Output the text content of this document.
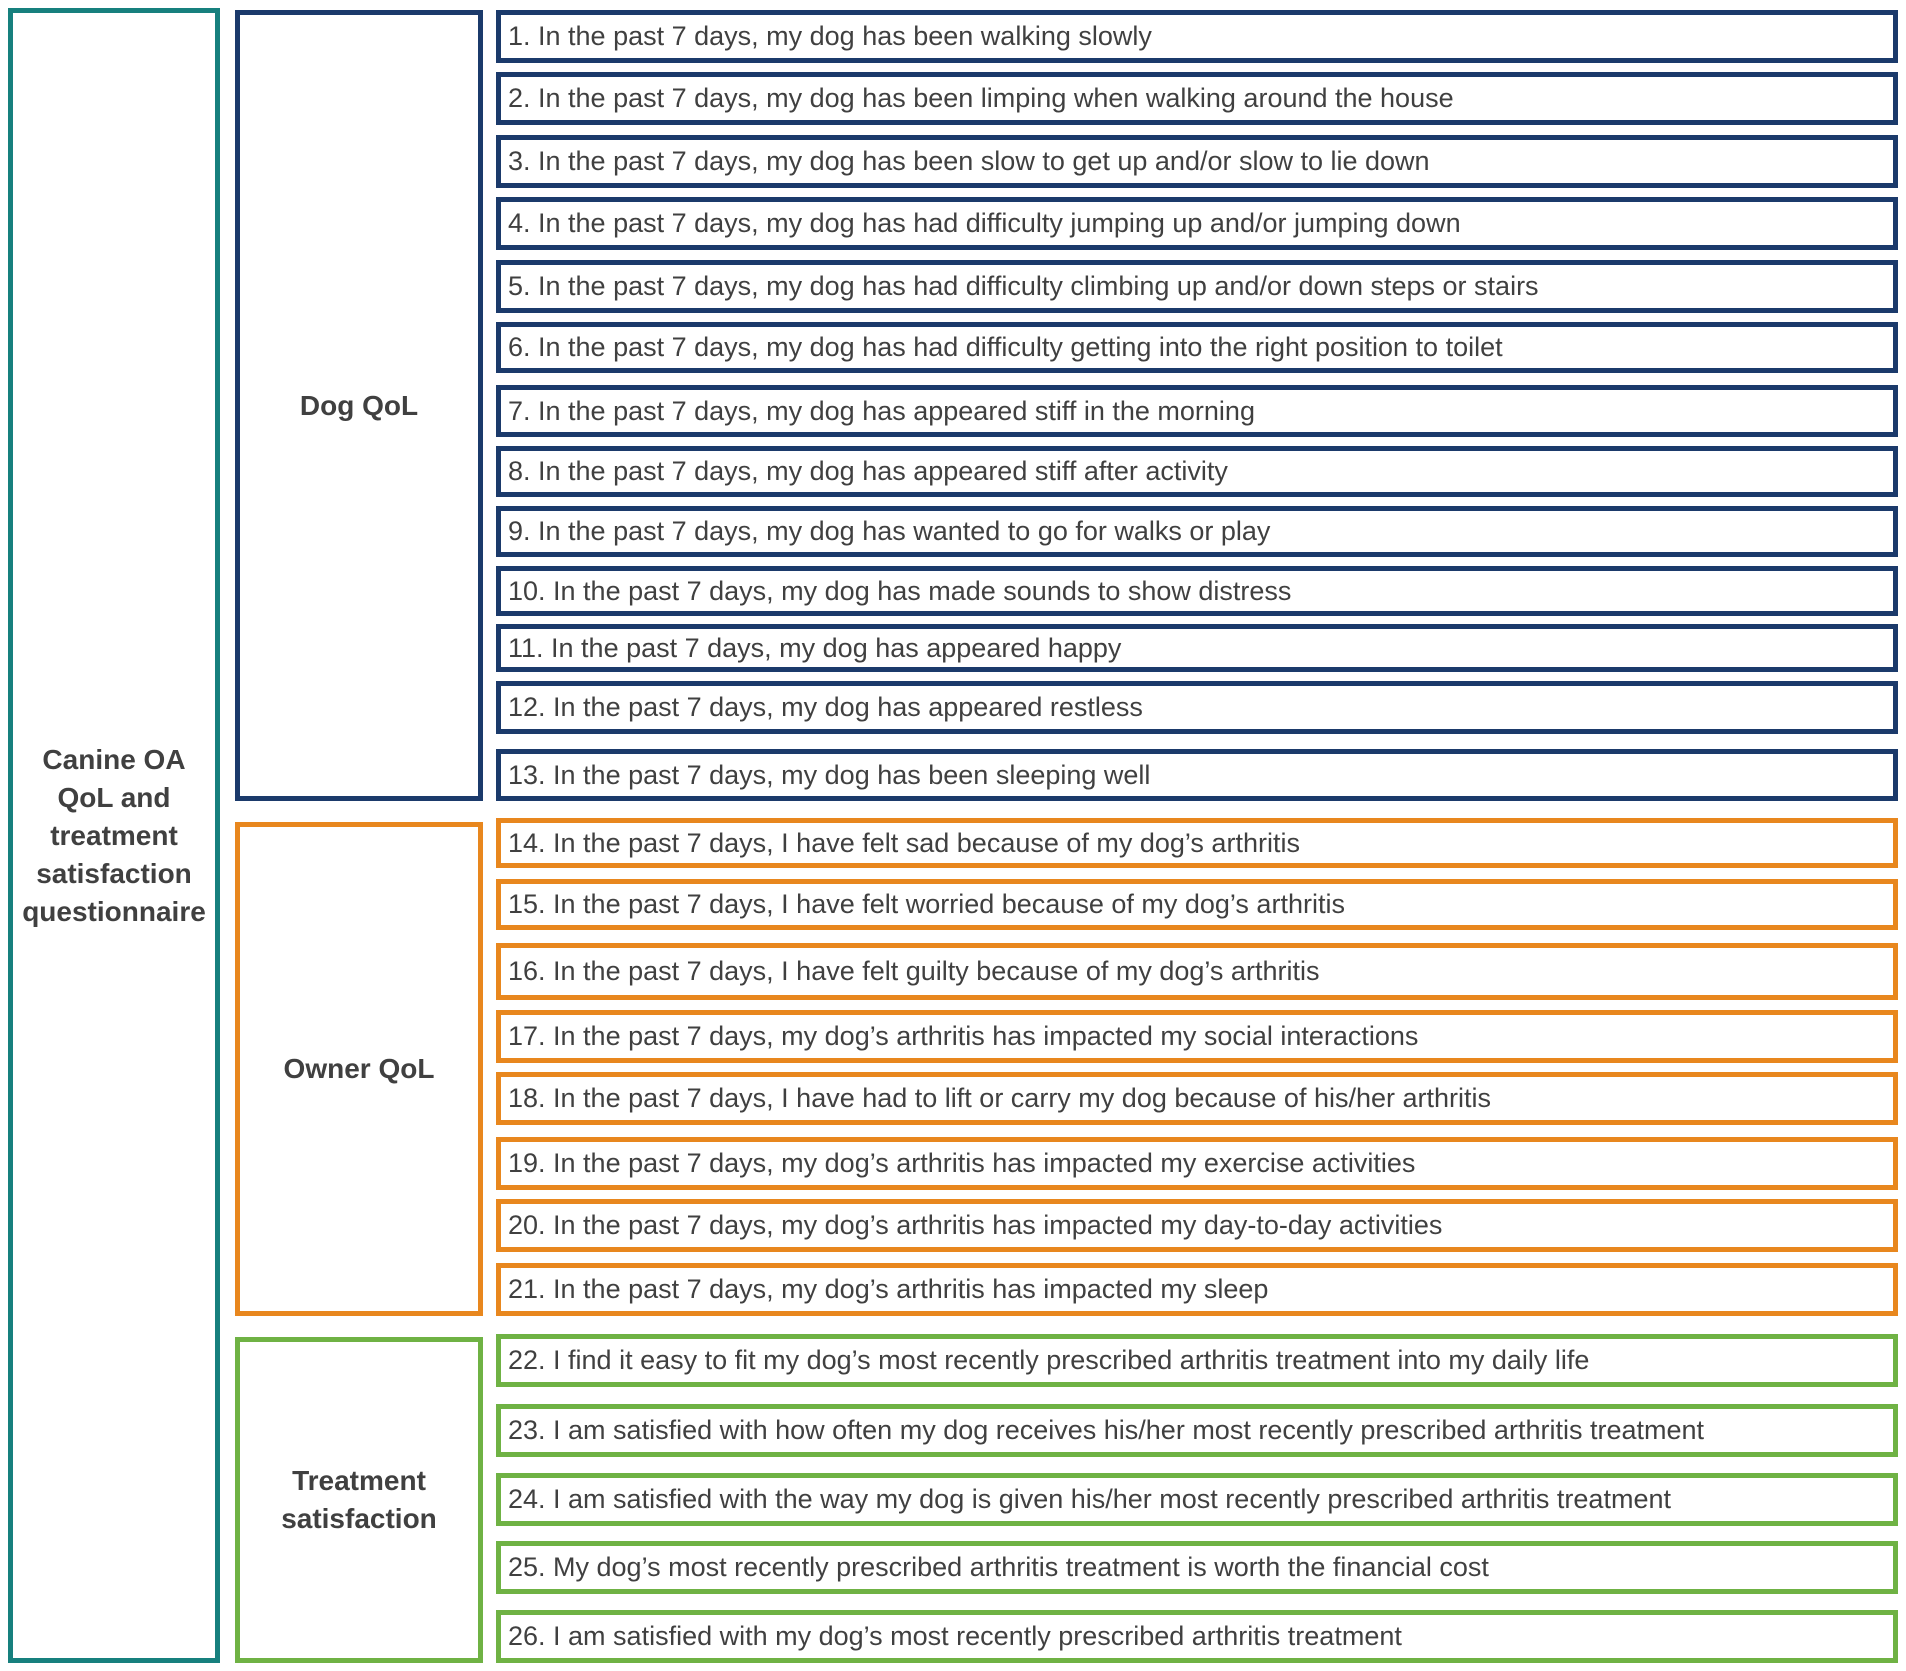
Canine OA QoL and treatment satisfaction questionnaire
Dog QoL
Owner QoL
Treatment satisfaction
1. In the past 7 days, my dog has been walking slowly
2. In the past 7 days, my dog has been limping when walking around the house
3. In the past 7 days, my dog has been slow to get up and/or slow to lie down
4. In the past 7 days, my dog has had difficulty jumping up and/or jumping down
5. In the past 7 days, my dog has had difficulty climbing up and/or down steps or stairs
6. In the past 7 days, my dog has had difficulty getting into the right position to toilet
7. In the past 7 days, my dog has appeared stiff in the morning
8. In the past 7 days, my dog has appeared stiff after activity
9. In the past 7 days, my dog has wanted to go for walks or play
10. In the past 7 days, my dog has made sounds to show distress
11. In the past 7 days, my dog has appeared happy
12. In the past 7 days, my dog has appeared restless
13. In the past 7 days, my dog has been sleeping well
14. In the past 7 days, I have felt sad because of my dog’s arthritis
15. In the past 7 days, I have felt worried because of my dog’s arthritis
16. In the past 7 days, I have felt guilty because of my dog’s arthritis
17. In the past 7 days, my dog’s arthritis has impacted my social interactions
18. In the past 7 days, I have had to lift or carry my dog because of his/her arthritis
19. In the past 7 days, my dog’s arthritis has impacted my exercise activities
20. In the past 7 days, my dog’s arthritis has impacted my day-to-day activities
21. In the past 7 days, my dog’s arthritis has impacted my sleep
22. I find it easy to fit my dog’s most recently prescribed arthritis treatment into my daily life
23. I am satisfied with how often my dog receives his/her most recently prescribed arthritis treatment
24. I am satisfied with the way my dog is given his/her most recently prescribed arthritis treatment
25. My dog’s most recently prescribed arthritis treatment is worth the financial cost
26. I am satisfied with my dog’s most recently prescribed arthritis treatment
